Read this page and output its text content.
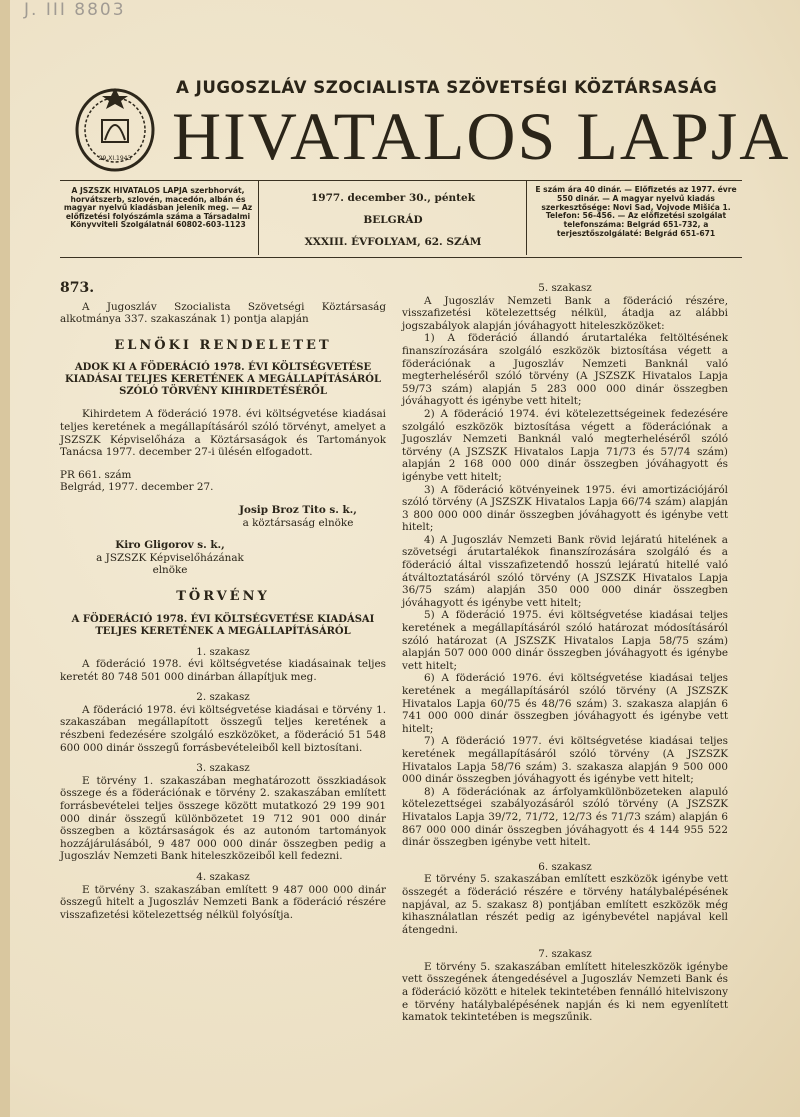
J. III 8803
29.XI.1943
A JUGOSZLÁV SZOCIALISTA SZÖVETSÉGI KÖZTÁRSASÁG
HIVATALOS LAPJA
A JSZSZK HIVATALOS LAPJA szerbhorvát, horvátszerb, szlovén, macedón, albán és magyar nyelvű kiadásban jelenik meg. — Az előfizetési folyószámla száma a Társadalmi Könyvviteli Szolgálatnál 60802-603-1123
1977. december 30., péntek
BELGRÁD
XXXIII. ÉVFOLYAM, 62. SZÁM
E szám ára 40 dinár. — Előfizetés az 1977. évre 550 dinár. — A magyar nyelvű kiadás szerkesztősége: Novi Sad, Vojvode Mišića 1. Telefon: 56-456. — Az előfizetési szolgálat telefonszáma: Belgrád 651-732, a terjesztőszolgálaté: Belgrád 651-671
873.

A Jugoszláv Szocialista Szövetségi Köztársaság alkotmánya 337. szakaszának 1) pontja alapján

ELNÖKI RENDELETET
ADOK KI A FÖDERÁCIÓ 1978. ÉVI KÖLTSÉGVETÉSE KIADÁSAI TELJES KERETÉNEK A MEGÁLLAPÍTÁSÁRÓL SZÓLÓ TÖRVÉNY KIHIRDETÉSÉRŐL

Kihirdetem A föderáció 1978. évi költségvetése kiadásai teljes keretének a megállapításáról szóló törvényt, amelyet a JSZSZK Képviselőháza a Köztársaságok és Tartományok Tanácsa 1977. december 27-i ülésén elfogadott.

PR 661. szám

Belgrád, 1977. december 27.

Josip Broz Tito s. k.,
a köztársaság elnöke
Kiro Gligorov s. k.,
a JSZSZK Képviselőházának
elnöke
TÖRVÉNY
A FÖDERÁCIÓ 1978. ÉVI KÖLTSÉGVETÉSE KIADÁSAI TELJES KERETÉNEK A MEGÁLLAPÍTÁSÁRÓL
1. szakasz

A föderáció 1978. évi költségvetése kiadásainak teljes keretét 80 748 501 000 dinárban állapítjuk meg.

2. szakasz

A föderáció 1978. évi költségvetése kiadásai e törvény 1. szakaszában megállapított összegű teljes keretének a részbeni fedezésére szolgáló eszközöket, a föderáció 51 548 600 000 dinár összegű forrásbevételeiből kell biztosítani.

3. szakasz

E törvény 1. szakaszában meghatározott összkiadások összege és a föderációnak e törvény 2. szakaszában említett forrásbevételei teljes összege között mutatkozó 29 199 901 000 dinár összegű különbözetet 19 712 901 000 dinár összegben a köztársaságok és az autonóm tartományok hozzájárulásából, 9 487 000 000 dinár összegben pedig a Jugoszláv Nemzeti Bank hiteleszközeiből kell fedezni.

4. szakasz

E törvény 3. szakaszában említett 9 487 000 000 dinár összegű hitelt a Jugoszláv Nemzeti Bank a föderáció részére visszafizetési kötelezettség nélkül folyósítja.

5. szakasz

A Jugoszláv Nemzeti Bank a föderáció részére, visszafizetési kötelezettség nélkül, átadja az alábbi jogszabályok alapján jóváhagyott hiteleszközöket:

1) A föderáció állandó árutartaléka feltöltésének finanszírozására szolgáló eszközök biztosítása végett a föderációnak a Jugoszláv Nemzeti Banknál való megterheléséről szóló törvény (A JSZSZK Hivatalos Lapja 59/73 szám) alapján 5 283 000 000 dinár összegben jóváhagyott és igénybe vett hitelt;

2) A föderáció 1974. évi kötelezettségeinek fedezésére szolgáló eszközök biztosítása végett a föderációnak a Jugoszláv Nemzeti Banknál való megterheléséről szóló törvény (A JSZSZK Hivatalos Lapja 71/73 és 57/74 szám) alapján 2 168 000 000 dinár összegben jóváhagyott és igénybe vett hitelt;

3) A föderáció kötvényeinek 1975. évi amortizációjáról szóló törvény (A JSZSZK Hivatalos Lapja 66/74 szám) alapján 3 800 000 000 dinár összegben jóváhagyott és igénybe vett hitelt;

4) A Jugoszláv Nemzeti Bank rövid lejáratú hitelének a szövetségi árutartalékok finanszírozására szolgáló és a föderáció által visszafizetendő hosszú lejáratú hitellé való átváltoztatásáról szóló törvény (A JSZSZK Hivatalos Lapja 36/75 szám) alapján 350 000 000 dinár összegben jóváhagyott és igénybe vett hitelt;

5) A föderáció 1975. évi költségvetése kiadásai teljes keretének a megállapításáról szóló határozat módosításáról szóló határozat (A JSZSZK Hivatalos Lapja 58/75 szám) alapján 507 000 000 dinár összegben jóváhagyott és igénybe vett hitelt;

6) A föderáció 1976. évi költségvetése kiadásai teljes keretének a megállapításáról szóló törvény (A JSZSZK Hivatalos Lapja 60/75 és 48/76 szám) 3. szakasza alapján 6 741 000 000 dinár összegben jóváhagyott és igénybe vett hitelt;

7) A föderáció 1977. évi költségvetése kiadásai teljes keretének megállapításáról szóló törvény (A JSZSZK Hivatalos Lapja 58/76 szám) 3. szakasza alapján 9 500 000 000 dinár összegben jóváhagyott és igénybe vett hitelt;

8) A föderációnak az árfolyamkülönbözeteken alapuló kötelezettségei szabályozásáról szóló törvény (A JSZSZK Hivatalos Lapja 39/72, 71/72, 12/73 és 71/73 szám) alapján 6 867 000 000 dinár összegben jóváhagyott és 4 144 955 522 dinár összegben igénybe vett hitelt.

6. szakasz

E törvény 5. szakaszában említett eszközök igénybe vett összegét a föderáció részére e törvény hatálybalépésének napjával, az 5. szakasz 8) pontjában említett eszközök még kihasználatlan részét pedig az igénybevétel napjával kell átengedni.

7. szakasz

E törvény 5. szakaszában említett hiteleszközök igénybe vett összegének átengedésével a Jugoszláv Nemzeti Bank és a föderáció között e hitelek tekintetében fennálló hitelviszony e törvény hatálybalépésének napján és ki nem egyenlített kamatok tekintetében is megszűnik.
